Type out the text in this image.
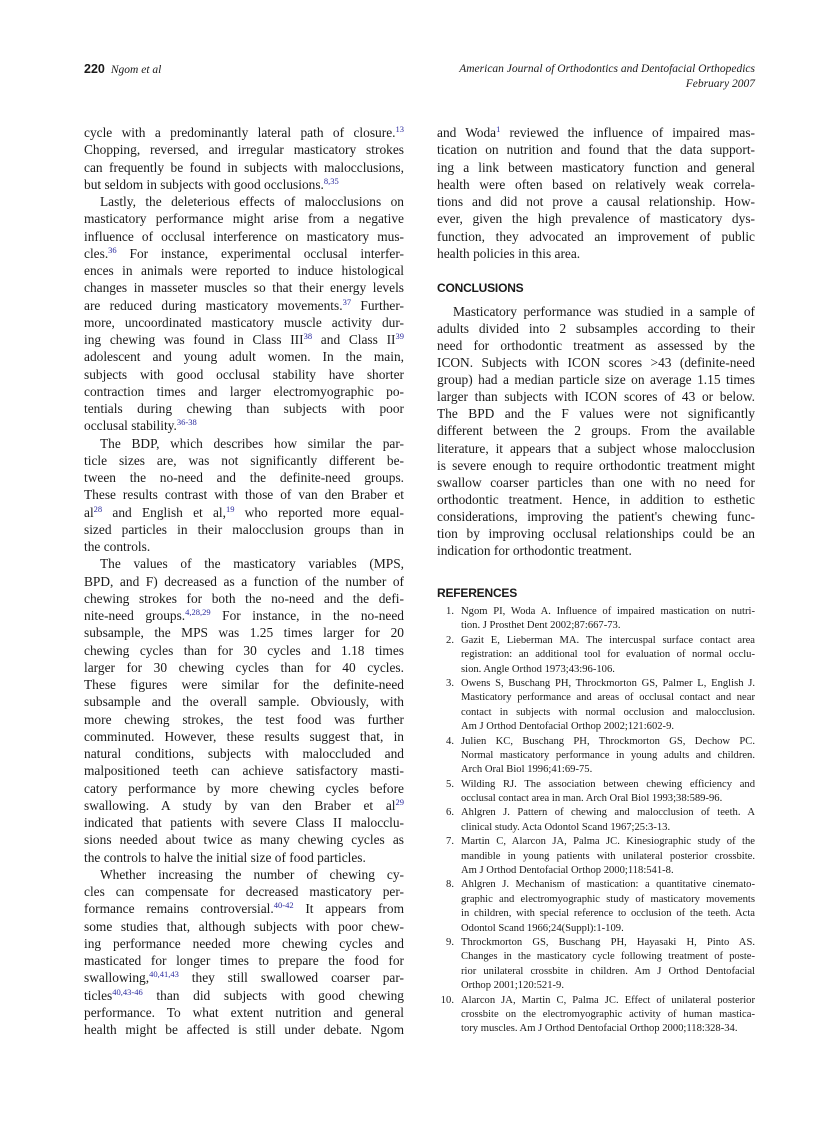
220 Ngom et al	American Journal of Orthodontics and Dentofacial Orthopedics
February 2007
cycle with a predominantly lateral path of closure.$^{13}$
Chopping, reversed, and irregular masticatory strokes
can frequently be found in subjects with malocclusions,
but seldom in subjects with good occlusions.$^{8,35}$
Lastly, the deleterious effects of malocclusions on
masticatory performance might arise from a negative
influence of occlusal interference on masticatory mus-
cles.$^{36}$ For instance, experimental occlusal interfer-
ences in animals were reported to induce histological
changes in masseter muscles so that their energy levels
are reduced during masticatory movements.$^{37}$ Further-
more, uncoordinated masticatory muscle activity dur-
ing chewing was found in Class III$^{38}$ and Class II$^{39}$
adolescent and young adult women. In the main,
subjects with good occlusal stability have shorter
contraction times and larger electromyographic po-
tentials during chewing than subjects with poor
occlusal stability.$^{36-38}$
The BDP, which describes how similar the par-
ticle sizes are, was not significantly different be-
tween the no-need and the definite-need groups.
These results contrast with those of van den Braber et
$al^{28}$ and English et al,$^{19}$ who reported more equal-
sized particles in their malocclusion groups than in
the controls.
The values of the masticatory variables (MPS,
BPD, and F) decreased as a function of the number of
chewing strokes for both the no-need and the defi-
nite-need groups.$^{4,28,29}$ For instance, in the no-need
subsample, the MPS was 1.25 times larger for 20
chewing cycles than for 30 cycles and 1.18 times
larger for 30 chewing cycles than for 40 cycles.
These figures were similar for the definite-need
subsample and the overall sample. Obviously, with
more chewing strokes, the test food was further
comminuted. However, these results suggest that, in
natural conditions, subjects with maloccluded and
malpositioned teeth can achieve satisfactory masti-
catory performance by more chewing cycles before
swallowing. A study by van den Braber et $al^{29}$
indicated that patients with severe Class II malocclu-
sions needed about twice as many chewing cycles as
the controls to halve the initial size of food particles.
Whether increasing the number of chewing cy-
cles can compensate for decreased masticatory per-
formance remains controversial.$^{40-42}$ It appears from
some studies that, although subjects with poor chew-
ing performance needed more chewing cycles and
masticated for longer times to prepare the food for
swallowing,$^{40,41,43}$ they still swallowed coarser par-
ticles$^{40,43-46}$ than did subjects with good chewing
performance. To what extent nutrition and general
health might be affected is still under debate. Ngom
and Woda$^1$ reviewed the influence of impaired mas-
tication on nutrition and found that the data support-
ing a link between masticatory function and general
health were often based on relatively weak correla-
tions and did not prove a causal relationship. How-
ever, given the high prevalence of masticatory dys-
function, they advocated an improvement of public
health policies in this area.
CONCLUSIONS
Masticatory performance was studied in a sample of
adults divided into 2 subsamples according to their
need for orthodontic treatment as assessed by the
ICON. Subjects with ICON scores >43 (definite-need
group) had a median particle size on average 1.15 times
larger than subjects with ICON scores of 43 or below.
The BPD and the F values were not significantly
different between the 2 groups. From the available
literature, it appears that a subject whose malocclusion
is severe enough to require orthodontic treatment might
swallow coarser particles than one with no need for
orthodontic treatment. Hence, in addition to esthetic
considerations, improving the patient's chewing func-
tion by improving occlusal relationships could be an
indication for orthodontic treatment.
REFERENCES
1. Ngom PI, Woda A. Influence of impaired mastication on nutri-
tion. J Prosthet Dent 2002;87:667-73.
2. Gazit E, Lieberman MA. The intercuspal surface contact area
registration: an additional tool for evaluation of normal occlu-
sion. Angle Orthod 1973;43:96-106.
3. Owens S, Buschang PH, Throckmorton GS, Palmer L, English J.
Masticatory performance and areas of occlusal contact and near
contact in subjects with normal occlusion and malocclusion.
Am J Orthod Dentofacial Orthop 2002;121:602-9.
4. Julien KC, Buschang PH, Throckmorton GS, Dechow PC.
Normal masticatory performance in young adults and children.
Arch Oral Biol 1996;41:69-75.
5. Wilding RJ. The association between chewing efficiency and
occlusal contact area in man. Arch Oral Biol 1993;38:589-96.
6. Ahlgren J. Pattern of chewing and malocclusion of teeth. A
clinical study. Acta Odontol Scand 1967;25:3-13.
7. Martin C, Alarcon JA, Palma JC. Kinesiographic study of the
mandible in young patients with unilateral posterior crossbite.
Am J Orthod Dentofacial Orthop 2000;118:541-8.
8. Ahlgren J. Mechanism of mastication: a quantitative cinemato-
graphic and electromyographic study of masticatory movements
in children, with special reference to occlusion of the teeth. Acta
Odontol Scand 1966;24(Suppl):1-109.
9. Throckmorton GS, Buschang PH, Hayasaki H, Pinto AS.
Changes in the masticatory cycle following treatment of poste-
rior unilateral crossbite in children. Am J Orthod Dentofacial
Orthop 2001;120:521-9.
10. Alarcon JA, Martin C, Palma JC. Effect of unilateral posterior
crossbite on the electromyographic activity of human mastica-
tory muscles. Am J Orthod Dentofacial Orthop 2000;118:328-34.
